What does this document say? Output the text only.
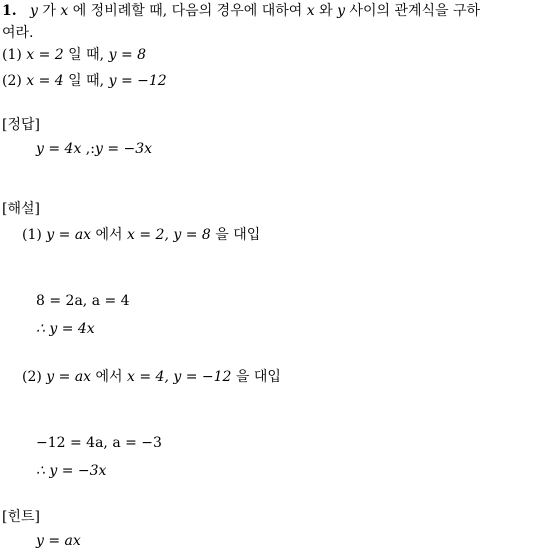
1. y 가 x 에 정비례할 때, 다음의 경우에 대하여 x 와 y 사이의 관계식을 구하
여라.
(1) x = 2 일 때, y = 8
(2) x = 4 일 때, y = −12
[정답]
y = 4x ,:y = −3x
[해설]
(1) y = ax 에서 x = 2, y = 8 을 대입
8 = 2a, a = 4
∴ y = 4x
(2) y = ax 에서 x = 4, y = −12 을 대입
−12 = 4a, a = −3
∴ y = −3x
[힌트]
y = ax
